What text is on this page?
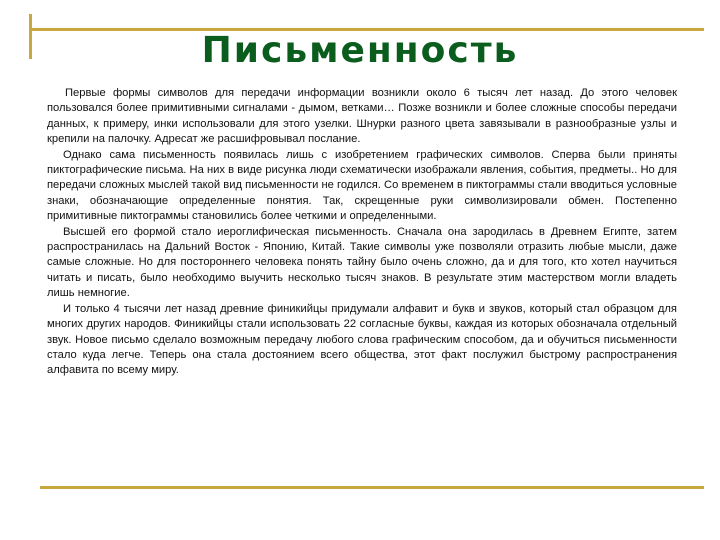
Письменность

Первые формы символов для передачи информации возникли около 6 тысяч лет назад. До этого человек пользовался более примитивными сигналами - дымом, ветками… Позже возникли и более сложные способы передачи данных, к примеру, инки использовали для этого узелки. Шнурки разного цвета завязывали в разнообразные узлы и крепили на палочку. Адресат же расшифровывал послание.

Однако сама письменность появилась лишь с изобретением графических символов. Сперва были приняты пиктографические письма. На них в виде рисунка люди схематически изображали явления, события, предметы.. Но для передачи сложных мыслей такой вид письменности не годился. Со временем в пиктограммы стали вводиться условные знаки, обозначающие определенные понятия. Так, скрещенные руки символизировали обмен. Постепенно примитивные пиктограммы становились более четкими и определенными.

Высшей его формой стало иероглифическая письменность. Сначала она зародилась в Древнем Египте, затем распространилась на Дальний Восток - Японию, Китай. Такие символы уже позволяли отразить любые мысли, даже самые сложные. Но для постороннего человека понять тайну было очень сложно, да и для того, кто хотел научиться читать и писать, было необходимо выучить несколько тысяч знаков. В результате этим мастерством могли владеть лишь немногие.

И только 4 тысячи лет назад древние финикийцы придумали алфавит и букв и звуков, который стал образцом для многих других народов. Финикийцы стали использовать 22 согласные буквы, каждая из которых обозначала отдельный звук. Новое письмо сделало возможным передачу любого слова графическим способом, да и обучиться письменности стало куда легче. Теперь она стала достоянием всего общества, этот факт послужил быстрому распространения алфавита по всему миру.
